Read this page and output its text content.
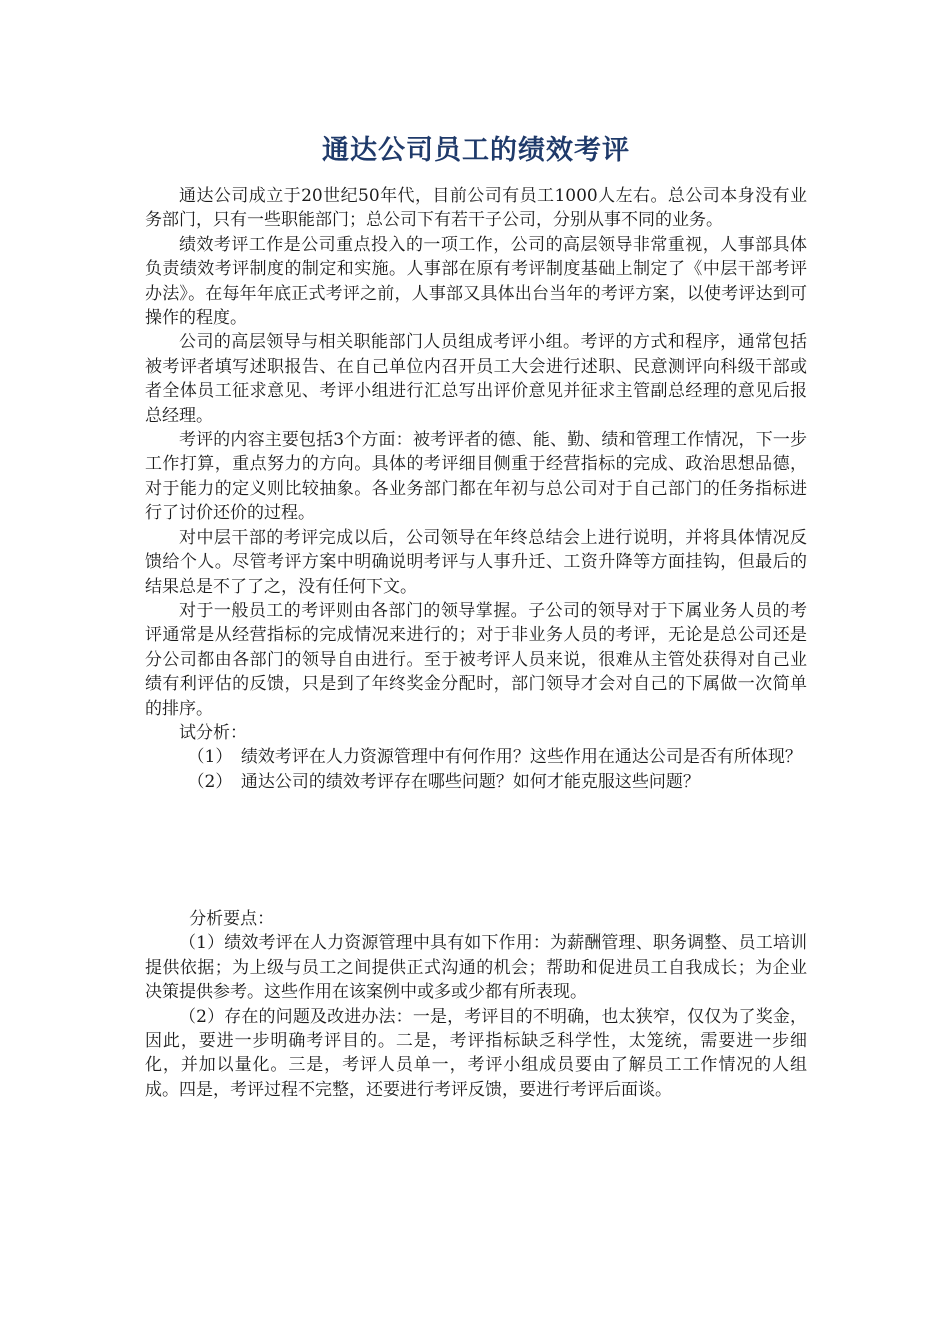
通达公司员工的绩效考评

通达公司成立于20世纪50年代，目前公司有员工1000人左右。总公司本身没有业务部门，只有一些职能部门；总公司下有若干子公司，分别从事不同的业务。

绩效考评工作是公司重点投入的一项工作，公司的高层领导非常重视，人事部具体负责绩效考评制度的制定和实施。人事部在原有考评制度基础上制定了《中层干部考评办法》。在每年年底正式考评之前，人事部又具体出台当年的考评方案，以使考评达到可操作的程度。

公司的高层领导与相关职能部门人员组成考评小组。考评的方式和程序，通常包括被考评者填写述职报告、在自己单位内召开员工大会进行述职、民意测评向科级干部或者全体员工征求意见、考评小组进行汇总写出评价意见并征求主管副总经理的意见后报总经理。

考评的内容主要包括3个方面：被考评者的德、能、勤、绩和管理工作情况，下一步工作打算，重点努力的方向。具体的考评细目侧重于经营指标的完成、政治思想品德，对于能力的定义则比较抽象。各业务部门都在年初与总公司对于自己部门的任务指标进行了讨价还价的过程。

对中层干部的考评完成以后，公司领导在年终总结会上进行说明，并将具体情况反馈给个人。尽管考评方案中明确说明考评与人事升迁、工资升降等方面挂钩，但最后的结果总是不了了之，没有任何下文。

对于一般员工的考评则由各部门的领导掌握。子公司的领导对于下属业务人员的考评通常是从经营指标的完成情况来进行的；对于非业务人员的考评，无论是总公司还是分公司都由各部门的领导自由进行。至于被考评人员来说，很难从主管处获得对自己业绩有利评估的反馈，只是到了年终奖金分配时，部门领导才会对自己的下属做一次简单的排序。

试分析：

（1）　绩效考评在人力资源管理中有何作用？这些作用在通达公司是否有所体现？

（2）　通达公司的绩效考评存在哪些问题？如何才能克服这些问题？

分析要点：

（1）绩效考评在人力资源管理中具有如下作用：为薪酬管理、职务调整、员工培训提供依据；为上级与员工之间提供正式沟通的机会；帮助和促进员工自我成长；为企业决策提供参考。这些作用在该案例中或多或少都有所表现。

（2）存在的问题及改进办法：一是，考评目的不明确，也太狭窄，仅仅为了奖金，因此，要进一步明确考评目的。二是，考评指标缺乏科学性，太笼统，需要进一步细化，并加以量化。三是，考评人员单一，考评小组成员要由了解员工工作情况的人组成。四是，考评过程不完整，还要进行考评反馈，要进行考评后面谈。
